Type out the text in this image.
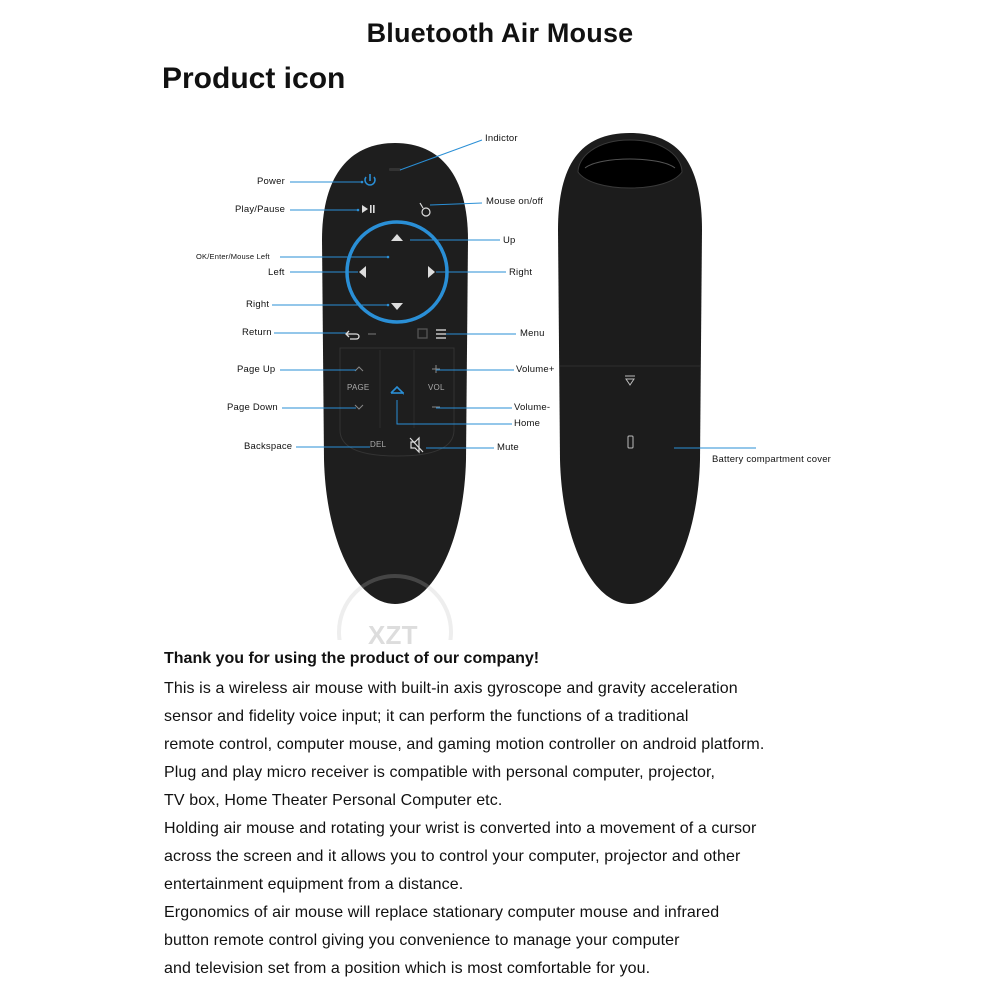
Bluetooth Air Mouse
Product icon
PAGE	VOL
DEL
XZT
Indictor
Power
Play/Pause
Mouse on/off
OK/Enter/Mouse Left
Up
Left	Right
Right
Return	Menu
Page Up	Volume+
Page Down	Volume-
Home
Backspace	Mute
Battery compartment cover
Thank you for using the product of our company!
This is a wireless air mouse with built-in axis gyroscope and gravity acceleration
sensor and fidelity voice input; it can perform the functions of a traditional
remote control, computer mouse, and gaming motion controller on android platform.
Plug and play micro receiver is compatible with personal computer, projector,
TV box, Home Theater Personal Computer etc.
Holding air mouse and rotating your wrist is converted into a movement of a cursor
across the screen and it allows you to control your computer, projector and other
entertainment equipment from a distance.
Ergonomics of air mouse will replace stationary computer mouse and infrared
button remote control giving you convenience to manage your computer
and television set from a position which is most comfortable for you.
